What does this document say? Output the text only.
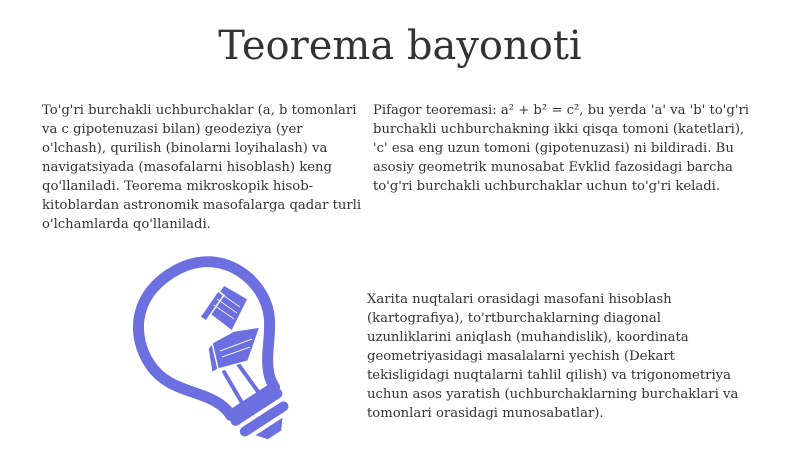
Teorema bayonoti

To'g'ri burchakli uchburchaklar (a, b tomonlari va c gipotenuzasi bilan) geodeziya (yer o'lchash), qurilish (binolarni loyihalash) va navigatsiyada (masofalarni hisoblash) keng qo'llaniladi. Teorema mikroskopik hisob-kitoblardan astronomik masofalarga qadar turli o'lchamlarda qo'llaniladi.

Pifagor teoremasi: a² + b² = c², bu yerda 'a' va 'b' to'g'ri burchakli uchburchakning ikki qisqa tomoni (katetlari), 'c' esa eng uzun tomoni (gipotenuzasi) ni bildiradi. Bu asosiy geometrik munosabat Evklid fazosidagi barcha to'g'ri burchakli uchburchaklar uchun to'g'ri keladi.

Xarita nuqtalari orasidagi masofani hisoblash (kartografiya), to'rtburchaklarning diagonal uzunliklarini aniqlash (muhandislik), koordinata geometriyasidagi masalalarni yechish (Dekart tekisligidagi nuqtalarni tahlil qilish) va trigonometriya uchun asos yaratish (uchburchaklarning burchaklari va tomonlari orasidagi munosabatlar).
